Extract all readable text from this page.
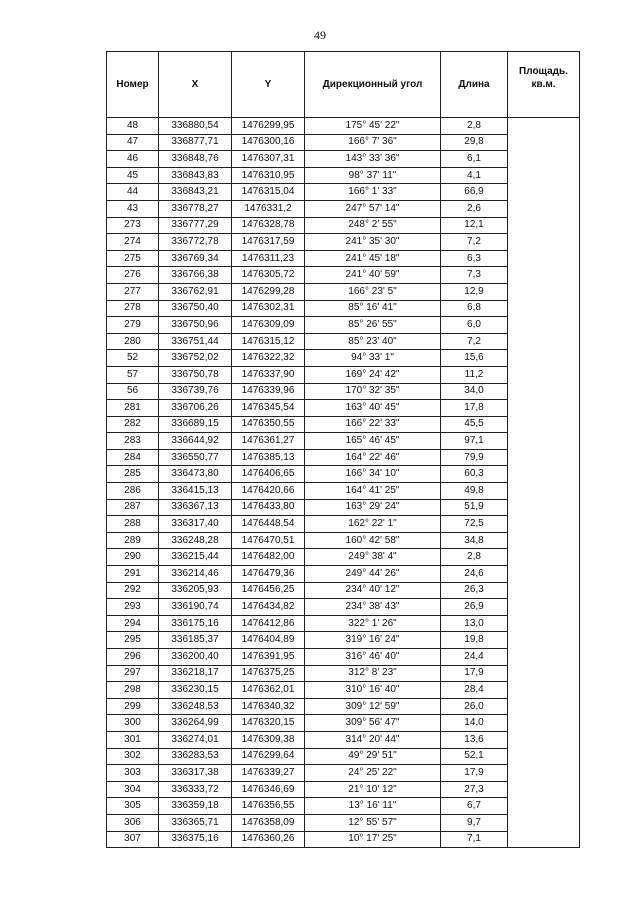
49
Номер	X	Y	Дирекционный угол	Длина	Площадь. кв.м.
48	336880,54	1476299,95	175° 45' 22"	2,8	
47	336877,71	1476300,16	166° 7' 36"	29,8	
46	336848,76	1476307,31	143° 33' 36"	6,1	
45	336843,83	1476310,95	98° 37' 11"	4,1	
44	336843,21	1476315,04	166° 1' 33"	66,9	
43	336778,27	1476331,2	247° 57' 14"	2,6	
273	336777,29	1476328,78	248° 2' 55"	12,1	
274	336772,78	1476317,59	241° 35' 30"	7,2	
275	336769,34	1476311,23	241° 45' 18"	6,3	
276	336766,38	1476305,72	241° 40' 59"	7,3	
277	336762,91	1476299,28	166° 23' 5"	12,9	
278	336750,40	1476302,31	85° 16' 41"	6,8	
279	336750,96	1476309,09	85° 26' 55"	6,0	
280	336751,44	1476315,12	85° 23' 40"	7,2	
52	336752,02	1476322,32	94° 33' 1"	15,6	
57	336750,78	1476337,90	169° 24' 42"	11,2	
56	336739,76	1476339,96	170° 32' 35"	34,0	
281	336706,26	1476345,54	163° 40' 45"	17,8	
282	336689,15	1476350,55	166° 22' 33"	45,5	
283	336644,92	1476361,27	165° 46' 45"	97,1	
284	336550,77	1476385,13	164° 22' 46"	79,9	
285	336473,80	1476406,65	166° 34' 10"	60,3	
286	336415,13	1476420,66	164° 41' 25"	49,8	
287	336367,13	1476433,80	163° 29' 24"	51,9	
288	336317,40	1476448,54	162° 22' 1"	72,5	
289	336248,28	1476470,51	160° 42' 58"	34,8	
290	336215,44	1476482,00	249° 38' 4"	2,8	
291	336214,46	1476479,36	249° 44' 26"	24,6	
292	336205,93	1476456,25	234° 40' 12"	26,3	
293	336190,74	1476434,82	234° 38' 43"	26,9	
294	336175,16	1476412,86	322° 1' 26"	13,0	
295	336185,37	1476404,89	319° 16' 24"	19,8	
296	336200,40	1476391,95	316° 46' 40"	24,4	
297	336218,17	1476375,25	312° 8' 23"	17,9	
298	336230,15	1476362,01	310° 16' 40"	28,4	
299	336248,53	1476340,32	309° 12' 59"	26,0	
300	336264,99	1476320,15	309° 56' 47"	14,0	
301	336274,01	1476309,38	314° 20' 44"	13,6	
302	336283,53	1476299,64	49° 29' 51"	52,1	
303	336317,38	1476339,27	24° 25' 22"	17,9	
304	336333,72	1476346,69	21° 10' 12"	27,3	
305	336359,18	1476356,55	13° 16' 11"	6,7	
306	336365,71	1476358,09	12° 55' 57"	9,7	
307	336375,16	1476360,26	10° 17' 25"	7,1	
